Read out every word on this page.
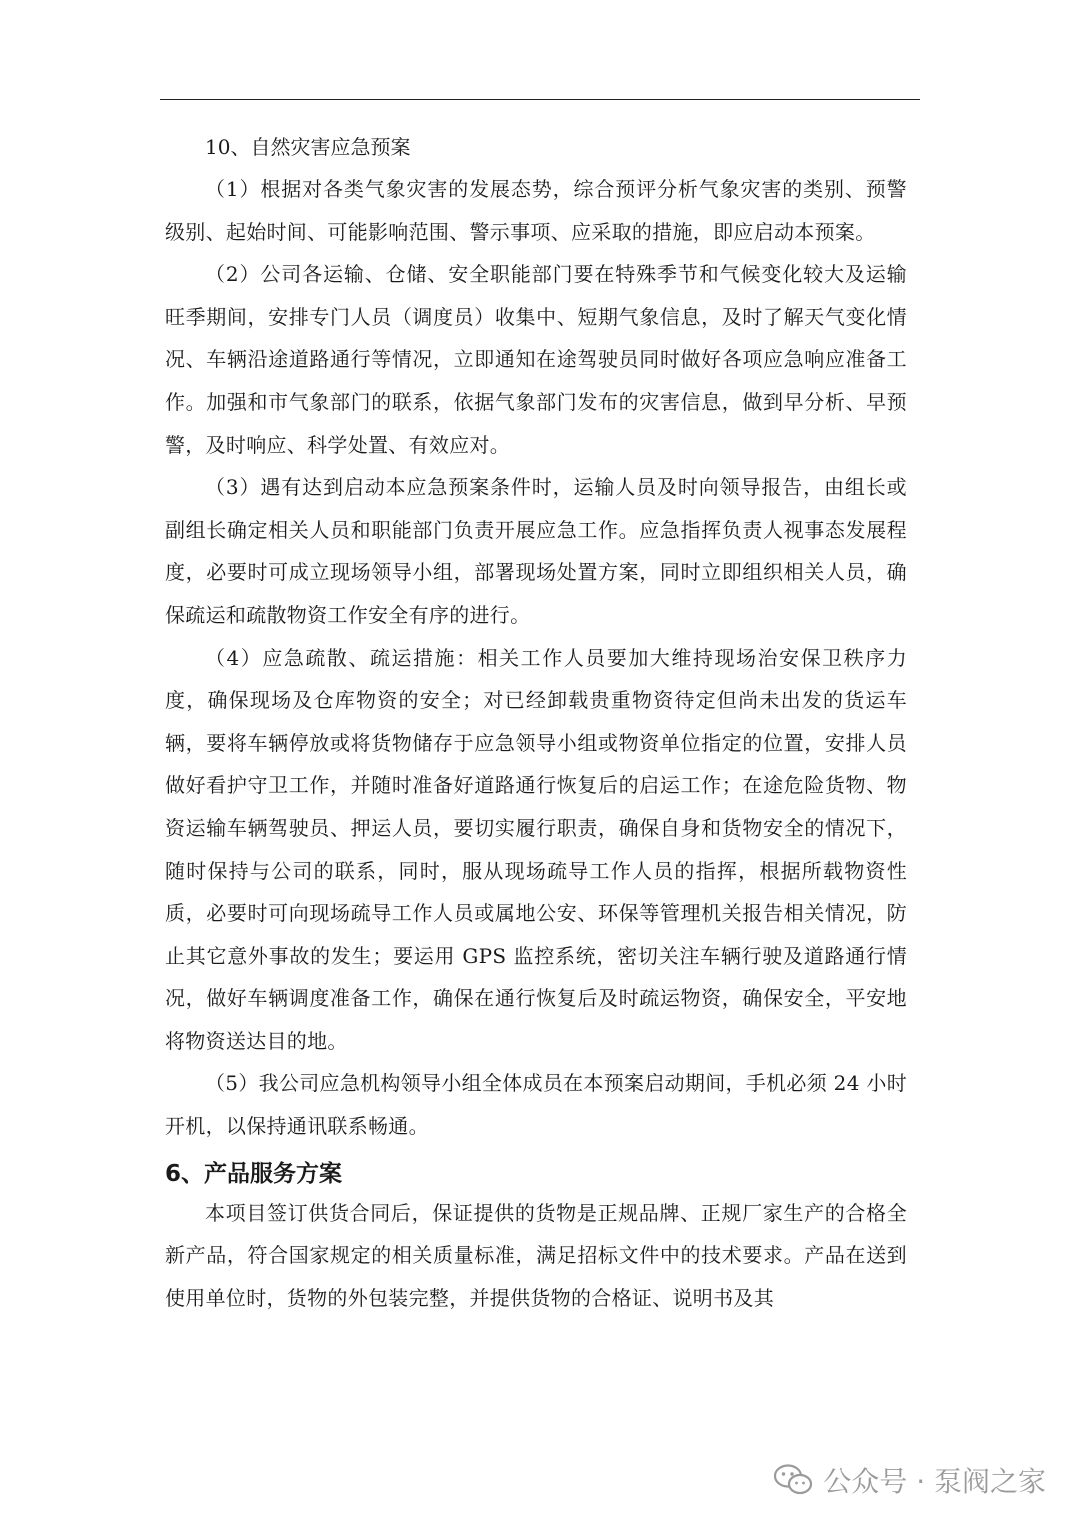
10、自然灾害应急预案

（1）根据对各类气象灾害的发展态势，综合预评分析气象灾害的类别、预警级别、起始时间、可能影响范围、警示事项、应采取的措施，即应启动本预案。

（2）公司各运输、仓储、安全职能部门要在特殊季节和气候变化较大及运输旺季期间，安排专门人员（调度员）收集中、短期气象信息，及时了解天气变化情况、车辆沿途道路通行等情况，立即通知在途驾驶员同时做好各项应急响应准备工作。加强和市气象部门的联系，依据气象部门发布的灾害信息，做到早分析、早预警，及时响应、科学处置、有效应对。

（3）遇有达到启动本应急预案条件时，运输人员及时向领导报告，由组长或副组长确定相关人员和职能部门负责开展应急工作。应急指挥负责人视事态发展程度，必要时可成立现场领导小组，部署现场处置方案，同时立即组织相关人员，确保疏运和疏散物资工作安全有序的进行。

（4）应急疏散、疏运措施：相关工作人员要加大维持现场治安保卫秩序力度，确保现场及仓库物资的安全；对已经卸载贵重物资待定但尚未出发的货运车辆，要将车辆停放或将货物储存于应急领导小组或物资单位指定的位置，安排人员做好看护守卫工作，并随时准备好道路通行恢复后的启运工作；在途危险货物、物资运输车辆驾驶员、押运人员，要切实履行职责，确保自身和货物安全的情况下，随时保持与公司的联系，同时，服从现场疏导工作人员的指挥，根据所载物资性质，必要时可向现场疏导工作人员或属地公安、环保等管理机关报告相关情况，防止其它意外事故的发生；要运用 GPS 监控系统，密切关注车辆行驶及道路通行情况，做好车辆调度准备工作，确保在通行恢复后及时疏运物资，确保安全，平安地将物资送达目的地。

（5）我公司应急机构领导小组全体成员在本预案启动期间，手机必须 24 小时开机，以保持通讯联系畅通。

6、产品服务方案

本项目签订供货合同后，保证提供的货物是正规品牌、正规厂家生产的合格全新产品，符合国家规定的相关质量标准，满足招标文件中的技术要求。产品在送到使用单位时，货物的外包装完整，并提供货物的合格证、说明书及其

公众号 · 泵阀之家
